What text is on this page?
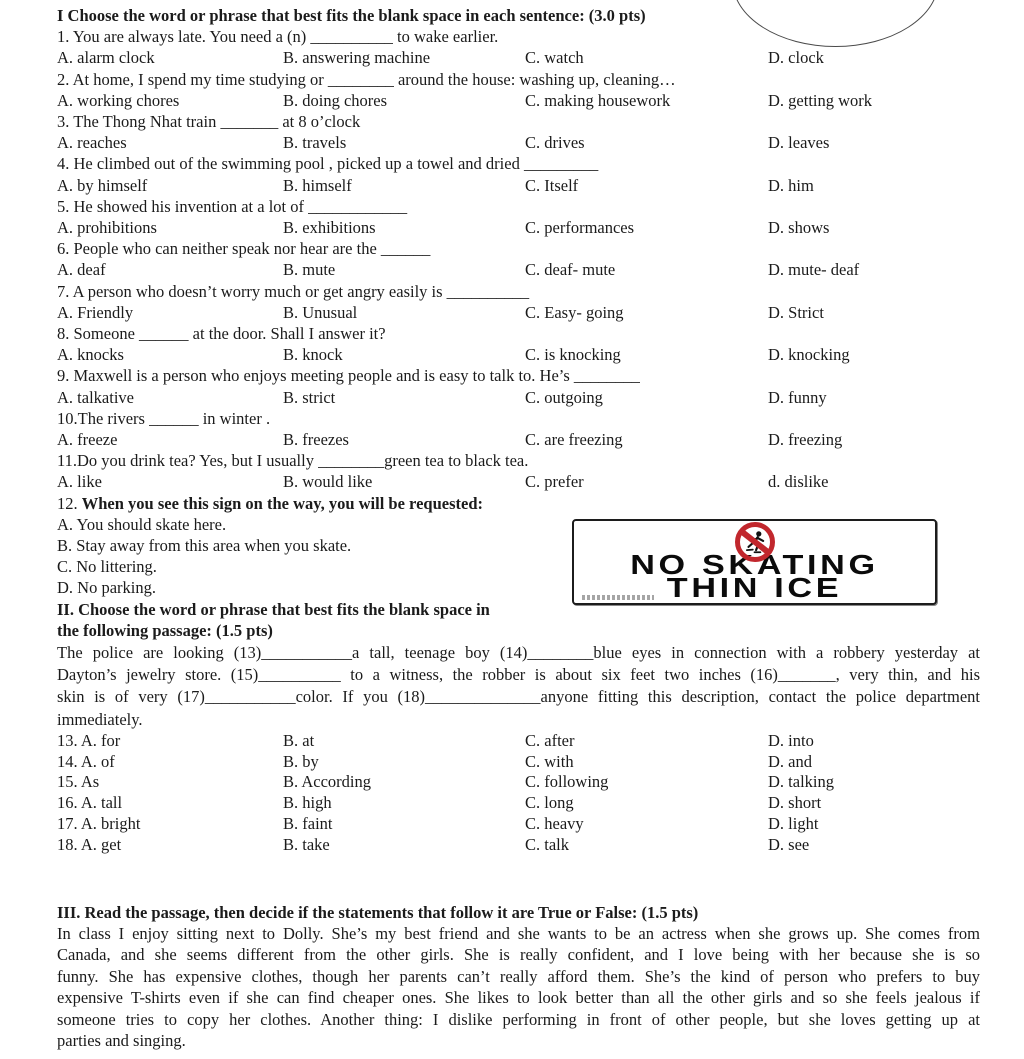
I Choose the word or phrase that best fits the blank space in each sentence: (3.0 pts)
1. You are always late. You need a (n) __________ to wake earlier.
A. alarm clock	B. answering machine	C. watch	D. clock
2. At home, I spend my time studying or ________ around the house: washing up, cleaning…
A. working chores	B. doing chores	C. making housework	D. getting work
3. The Thong Nhat train _______ at 8 o’clock
A. reaches	B. travels	C. drives	D. leaves
4. He climbed out of the swimming pool , picked up a towel and dried _________
A. by himself	B. himself	C. Itself	D. him
5. He showed his invention at a lot of ____________
A. prohibitions	B. exhibitions	C. performances	D. shows
6. People who can neither speak nor hear are the ______
A. deaf	B. mute	C. deaf- mute	D. mute- deaf
7. A person who doesn’t worry much or get angry easily is __________
A. Friendly	B. Unusual	C. Easy- going	D. Strict
8. Someone ______ at the door. Shall I answer it?
A. knocks	B. knock	C. is knocking	D. knocking
9. Maxwell is a person who enjoys meeting people and is easy to talk to. He’s ________
A. talkative	B. strict	C. outgoing	D. funny
10.The rivers ______ in winter .
A. freeze	B. freezes	C. are freezing	D. freezing
11.Do you drink tea? Yes, but I usually ________green tea to black tea.
A. like	B. would like	C. prefer	d. dislike
12. When you see this sign on the way, you will be requested:
A. You should skate here.
B. Stay away from this area when you skate.
C. No littering.
D. No parking.
II. Choose the word or phrase that best fits the blank space in
the following passage: (1.5 pts)
The police are looking (13)___________a tall, teenage boy (14)________blue eyes in connection with a robbery yesterday at
Dayton’s jewelry store. (15)__________ to a witness, the robber is about six feet two inches (16)_______, very thin, and his
skin is of very (17)___________color. If you (18)______________anyone fitting this description, contact the police department
immediately.
13. A. for	B. at	C. after	D. into
14. A. of	B. by	C. with	D. and
15. As	B. According	C. following	D. talking
16. A. tall	B. high	C. long	D. short
17. A. bright	B. faint	C. heavy	D. light
18. A. get	B. take	C. talk	D. see
III. Read the passage, then decide if the statements that follow it are True or False: (1.5 pts)
In class I enjoy sitting next to Dolly. She’s my best friend and she wants to be an actress when she grows up. She comes from
Canada, and she seems different from the other girls. She is really confident, and I love being with her because she is so
funny. She has expensive clothes, though her parents can’t really afford them. She’s the kind of person who prefers to buy
expensive T-shirts even if she can find cheaper ones. She likes to look better than all the other girls and so she feels jealous if
someone tries to copy her clothes. Another thing: I dislike performing in front of other people, but she loves getting up at
parties and singing.
NO SKATING
THIN ICE
